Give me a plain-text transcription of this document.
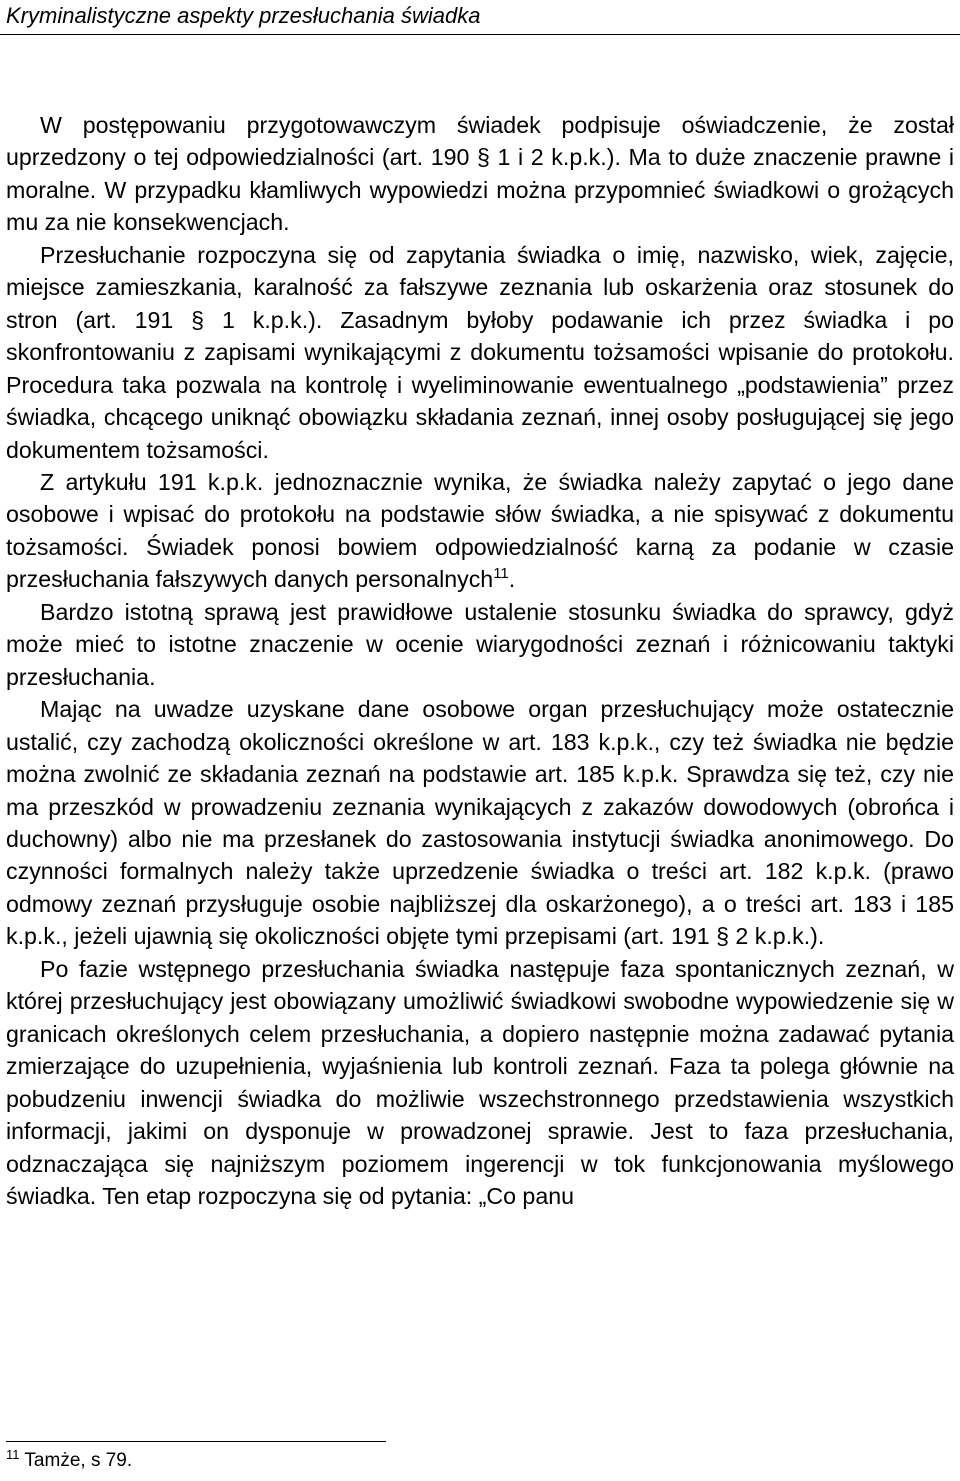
Kryminalistyczne aspekty przesłuchania świadka

W postępowaniu przygotowawczym świadek podpisuje oświadczenie, że został uprzedzony o tej odpowiedzialności (art. 190 § 1 i 2 k.p.k.). Ma to duże znaczenie prawne i moralne. W przypadku kłamliwych wypowiedzi można przypomnieć świadkowi o grożących mu za nie konsekwencjach.

Przesłuchanie rozpoczyna się od zapytania świadka o imię, nazwisko, wiek, zajęcie, miejsce zamieszkania, karalność za fałszywe zeznania lub oskarżenia oraz stosunek do stron (art. 191 § 1 k.p.k.). Zasadnym byłoby podawanie ich przez świadka i po skonfrontowaniu z zapisami wynikającymi z dokumentu tożsamości wpisanie do protokołu. Procedura taka pozwala na kontrolę i wyeliminowanie ewentualnego „podstawienia” przez świadka, chcącego uniknąć obowiązku składania zeznań, innej osoby posługującej się jego dokumentem tożsamości.

Z artykułu 191 k.p.k. jednoznacznie wynika, że świadka należy zapytać o jego dane osobowe i wpisać do protokołu na podstawie słów świadka, a nie spisywać z dokumentu tożsamości. Świadek ponosi bowiem odpowiedzialność karną za podanie w czasie przesłuchania fałszywych danych personalnych$^{11}$.

Bardzo istotną sprawą jest prawidłowe ustalenie stosunku świadka do sprawcy, gdyż może mieć to istotne znaczenie w ocenie wiarygodności zeznań i różnicowaniu taktyki przesłuchania.

Mając na uwadze uzyskane dane osobowe organ przesłuchujący może ostatecznie ustalić, czy zachodzą okoliczności określone w art. 183 k.p.k., czy też świadka nie będzie można zwolnić ze składania zeznań na podstawie art. 185 k.p.k. Sprawdza się też, czy nie ma przeszkód w prowadzeniu zeznania wynikających z zakazów dowodowych (obrońca i duchowny) albo nie ma przesłanek do zastosowania instytucji świadka anonimowego. Do czynności formalnych należy także uprzedzenie świadka o treści art. 182 k.p.k. (prawo odmowy zeznań przysługuje osobie najbliższej dla oskarżonego), a o treści art. 183 i 185 k.p.k., jeżeli ujawnią się okoliczności objęte tymi przepisami (art. 191 § 2 k.p.k.).

Po fazie wstępnego przesłuchania świadka następuje faza spontanicznych zeznań, w której przesłuchujący jest obowiązany umożliwić świadkowi swobodne wypowiedzenie się w granicach określonych celem przesłuchania, a dopiero następnie można zadawać pytania zmierzające do uzupełnienia, wyjaśnienia lub kontroli zeznań. Faza ta polega głównie na pobudzeniu inwencji świadka do możliwie wszechstronnego przedstawienia wszystkich informacji, jakimi on dysponuje w prowadzonej sprawie. Jest to faza przesłuchania, odznaczająca się najniższym poziomem ingerencji w tok funkcjonowania myślowego świadka. Ten etap rozpoczyna się od pytania: „Co panu

$^{11}$ Tamże, s 79.
